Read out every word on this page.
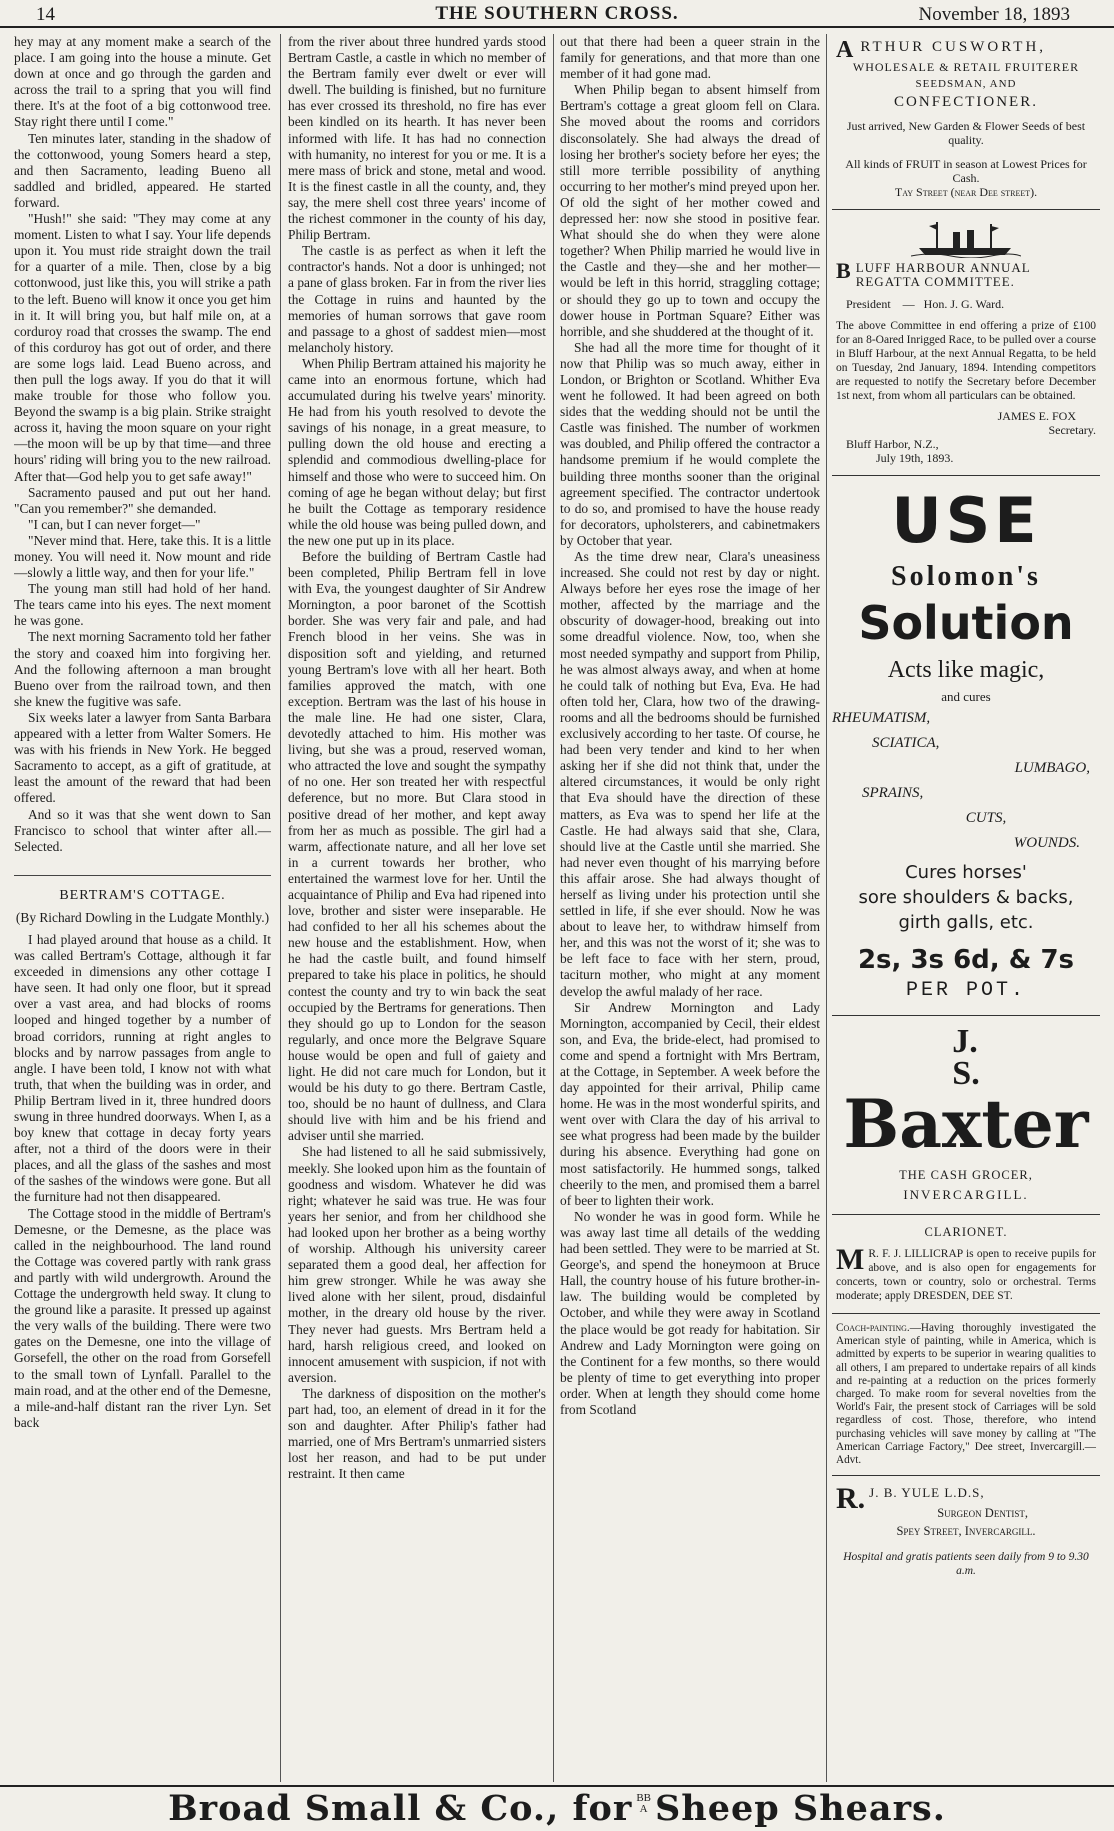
14	THE SOUTHERN CROSS.	November 18, 1893

hey may at any moment make a search of the place. I am going into the house a minute. Get down at once and go through the garden and across the trail to a spring that you will find there. It's at the foot of a big cottonwood tree. Stay right there until I come."

Ten minutes later, standing in the shadow of the cottonwood, young Somers heard a step, and then Sacramento, leading Bueno all saddled and bridled, appeared. He started forward.

"Hush!" she said: "They may come at any moment. Listen to what I say. Your life depends upon it. You must ride straight down the trail for a quarter of a mile. Then, close by a big cottonwood, just like this, you will strike a path to the left. Bueno will know it once you get him in it. It will bring you, but half mile on, at a corduroy road that crosses the swamp. The end of this corduroy has got out of order, and there are some logs laid. Lead Bueno across, and then pull the logs away. If you do that it will make trouble for those who follow you. Beyond the swamp is a big plain. Strike straight across it, having the moon square on your right—the moon will be up by that time—and three hours' riding will bring you to the new railroad. After that—God help you to get safe away!"

Sacramento paused and put out her hand. "Can you remember?" she demanded.

"I can, but I can never forget—"

"Never mind that. Here, take this. It is a little money. You will need it. Now mount and ride—slowly a little way, and then for your life."

The young man still had hold of her hand. The tears came into his eyes. The next moment he was gone.

The next morning Sacramento told her father the story and coaxed him into forgiving her. And the following afternoon a man brought Bueno over from the railroad town, and then she knew the fugitive was safe.

Six weeks later a lawyer from Santa Barbara appeared with a letter from Walter Somers. He was with his friends in New York. He begged Sacramento to accept, as a gift of gratitude, at least the amount of the reward that had been offered.

And so it was that she went down to San Francisco to school that winter after all.—Selected.

BERTRAM'S COTTAGE.
(By Richard Dowling in the Ludgate Monthly.)

I had played around that house as a child. It was called Bertram's Cottage, although it far exceeded in dimensions any other cottage I have seen. It had only one floor, but it spread over a vast area, and had blocks of rooms looped and hinged together by a number of broad corridors, running at right angles to blocks and by narrow passages from angle to angle. I have been told, I know not with what truth, that when the building was in order, and Philip Bertram lived in it, three hundred doors swung in three hundred doorways. When I, as a boy knew that cottage in decay forty years after, not a third of the doors were in their places, and all the glass of the sashes and most of the sashes of the windows were gone. But all the furniture had not then disappeared.

The Cottage stood in the middle of Bertram's Demesne, or the Demesne, as the place was called in the neighbourhood. The land round the Cottage was covered partly with rank grass and partly with wild undergrowth. Around the Cottage the undergrowth held sway. It clung to the ground like a parasite. It pressed up against the very walls of the building. There were two gates on the Demesne, one into the village of Gorsefell, the other on the road from Gorsefell to the small town of Lynfall. Parallel to the main road, and at the other end of the Demesne, a mile-and-half distant ran the river Lyn. Set back

from the river about three hundred yards stood Bertram Castle, a castle in which no member of the Bertram family ever dwelt or ever will dwell. The building is finished, but no furniture has ever crossed its threshold, no fire has ever been kindled on its hearth. It has never been informed with life. It has had no connection with humanity, no interest for you or me. It is a mere mass of brick and stone, metal and wood. It is the finest castle in all the county, and, they say, the mere shell cost three years' income of the richest commoner in the county of his day, Philip Bertram.

The castle is as perfect as when it left the contractor's hands. Not a door is unhinged; not a pane of glass broken. Far in from the river lies the Cottage in ruins and haunted by the memories of human sorrows that gave room and passage to a ghost of saddest mien—most melancholy history.

When Philip Bertram attained his majority he came into an enormous fortune, which had accumulated during his twelve years' minority. He had from his youth resolved to devote the savings of his nonage, in a great measure, to pulling down the old house and erecting a splendid and commodious dwelling-place for himself and those who were to succeed him. On coming of age he began without delay; but first he built the Cottage as temporary residence while the old house was being pulled down, and the new one put up in its place.

Before the building of Bertram Castle had been completed, Philip Bertram fell in love with Eva, the youngest daughter of Sir Andrew Mornington, a poor baronet of the Scottish border. She was very fair and pale, and had French blood in her veins. She was in disposition soft and yielding, and returned young Bertram's love with all her heart. Both families approved the match, with one exception. Bertram was the last of his house in the male line. He had one sister, Clara, devotedly attached to him. His mother was living, but she was a proud, reserved woman, who attracted the love and sought the sympathy of no one. Her son treated her with respectful deference, but no more. But Clara stood in positive dread of her mother, and kept away from her as much as possible. The girl had a warm, affectionate nature, and all her love set in a current towards her brother, who entertained the warmest love for her. Until the acquaintance of Philip and Eva had ripened into love, brother and sister were inseparable. He had confided to her all his schemes about the new house and the establishment. How, when he had the castle built, and found himself prepared to take his place in politics, he should contest the county and try to win back the seat occupied by the Bertrams for generations. Then they should go up to London for the season regularly, and once more the Belgrave Square house would be open and full of gaiety and light. He did not care much for London, but it would be his duty to go there. Bertram Castle, too, should be no haunt of dullness, and Clara should live with him and be his friend and adviser until she married.

She had listened to all he said submissively, meekly. She looked upon him as the fountain of goodness and wisdom. Whatever he did was right; whatever he said was true. He was four years her senior, and from her childhood she had looked upon her brother as a being worthy of worship. Although his university career separated them a good deal, her affection for him grew stronger. While he was away she lived alone with her silent, proud, disdainful mother, in the dreary old house by the river. They never had guests. Mrs Bertram held a hard, harsh religious creed, and looked on innocent amusement with suspicion, if not with aversion.

The darkness of disposition on the mother's part had, too, an element of dread in it for the son and daughter. After Philip's father had married, one of Mrs Bertram's unmarried sisters lost her reason, and had to be put under restraint. It then came

out that there had been a queer strain in the family for generations, and that more than one member of it had gone mad.

When Philip began to absent himself from Bertram's cottage a great gloom fell on Clara. She moved about the rooms and corridors disconsolately. She had always the dread of losing her brother's society before her eyes; the still more terrible possibility of anything occurring to her mother's mind preyed upon her. Of old the sight of her mother cowed and depressed her: now she stood in positive fear. What should she do when they were alone together? When Philip married he would live in the Castle and they—she and her mother—would be left in this horrid, straggling cottage; or should they go up to town and occupy the dower house in Portman Square? Either was horrible, and she shuddered at the thought of it.

She had all the more time for thought of it now that Philip was so much away, either in London, or Brighton or Scotland. Whither Eva went he followed. It had been agreed on both sides that the wedding should not be until the Castle was finished. The number of workmen was doubled, and Philip offered the contractor a handsome premium if he would complete the building three months sooner than the original agreement specified. The contractor undertook to do so, and promised to have the house ready for decorators, upholsterers, and cabinetmakers by October that year.

As the time drew near, Clara's uneasiness increased. She could not rest by day or night. Always before her eyes rose the image of her mother, affected by the marriage and the obscurity of dowager-hood, breaking out into some dreadful violence. Now, too, when she most needed sympathy and support from Philip, he was almost always away, and when at home he could talk of nothing but Eva, Eva. He had often told her, Clara, how two of the drawing-rooms and all the bedrooms should be furnished exclusively according to her taste. Of course, he had been very tender and kind to her when asking her if she did not think that, under the altered circumstances, it would be only right that Eva should have the direction of these matters, as Eva was to spend her life at the Castle. He had always said that she, Clara, should live at the Castle until she married. She had never even thought of his marrying before this affair arose. She had always thought of herself as living under his protection until she settled in life, if she ever should. Now he was about to leave her, to withdraw himself from her, and this was not the worst of it; she was to be left face to face with her stern, proud, taciturn mother, who might at any moment develop the awful malady of her race.

Sir Andrew Mornington and Lady Mornington, accompanied by Cecil, their eldest son, and Eva, the bride-elect, had promised to come and spend a fortnight with Mrs Bertram, at the Cottage, in September. A week before the day appointed for their arrival, Philip came home. He was in the most wonderful spirits, and went over with Clara the day of his arrival to see what progress had been made by the builder during his absence. Everything had gone on most satisfactorily. He hummed songs, talked cheerily to the men, and promised them a barrel of beer to lighten their work.

No wonder he was in good form. While he was away last time all details of the wedding had been settled. They were to be married at St. George's, and spend the honeymoon at Bruce Hall, the country house of his future brother-in-law. The building would be completed by October, and while they were away in Scotland the place would be got ready for habitation. Sir Andrew and Lady Mornington were going on the Continent for a few months, so there would be plenty of time to get everything into proper order. When at length they should come home from Scotland

ARTHUR CUSWORTH,
WHOLESALE & RETAIL FRUITERER
SEEDSMAN, AND
CONFECTIONER.
Just arrived, New Garden & Flower Seeds of best quality.
All kinds of FRUIT in season at Lowest Prices for Cash.
Tay Street (near Dee street).
BLUFF HARBOUR ANNUAL REGATTA COMMITTEE.
President — Hon. J. G. Ward.
The above Committee in end offering a prize of £100 for an 8-Oared Inrigged Race, to be pulled over a course in Bluff Harbour, at the next Annual Regatta, to be held on Tuesday, 2nd January, 1894. Intending competitors are requested to notify the Secretary before December 1st next, from whom all particulars can be obtained.
JAMES E. FOX
Secretary.
Bluff Harbor, N.Z.,
July 19th, 1893.
USE
Solomon's
Solution
Acts like magic,
and cures
RHEUMATISM,
SCIATICA,
LUMBAGO,
SPRAINS,
CUTS,
WOUNDS.
Cures horses'
sore shoulders & backs,
girth galls, etc.
2s, 3s 6d, & 7s
PER POT.
J.
S.
Baxter
THE CASH GROCER,
INVERCARGILL.
CLARIONET.
M R. F. J. LILLICRAP is open to receive pupils for above, and is also open for engagements for concerts, town or country, solo or orchestral. Terms moderate; apply DRESDEN, DEE ST.
Coach-painting.—Having thoroughly investigated the American style of painting, while in America, which is admitted by experts to be superior in wearing qualities to all others, I am prepared to undertake repairs of all kinds and re-painting at a reduction on the prices formerly charged. To make room for several novelties from the World's Fair, the present stock of Carriages will be sold regardless of cost. Those, therefore, who intend purchasing vehicles will save money by calling at "The American Carriage Factory," Dee street, Invercargill.—Advt.
R. J. B. YULE L.D.S,
Surgeon Dentist,
Spey Street, Invercargill.
Hospital and gratis patients seen daily from 9 to 9.30 a.m.
Broad Small & Co., for BB
A Sheep Shears.
